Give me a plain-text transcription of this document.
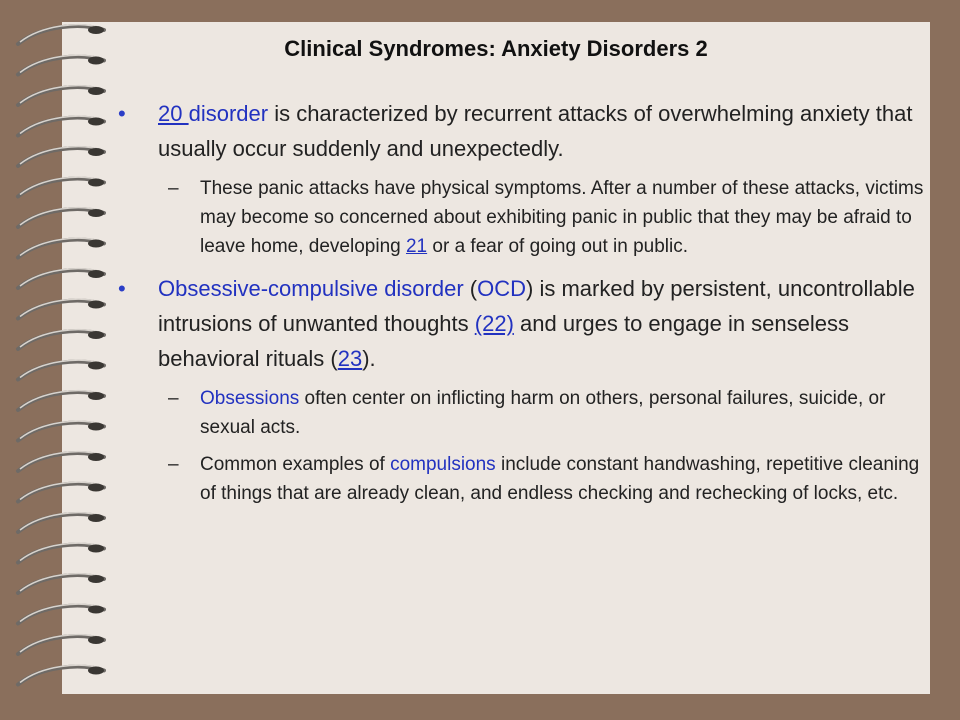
Clinical Syndromes: Anxiety Disorders 2
• 20 disorder is characterized by recurrent attacks of overwhelming anxiety that usually occur suddenly and unexpectedly.
– These panic attacks have physical symptoms. After a number of these attacks, victims may become so concerned about exhibiting panic in public that they may be afraid to leave home, developing 21 or a fear of going out in public.
• Obsessive-compulsive disorder (OCD) is marked by persistent, uncontrollable intrusions of unwanted thoughts (22) and urges to engage in senseless behavioral rituals (23).
– Obsessions often center on inflicting harm on others, personal failures, suicide, or sexual acts.
– Common examples of compulsions include constant handwashing, repetitive cleaning of things that are already clean, and endless checking and rechecking of locks, etc.
